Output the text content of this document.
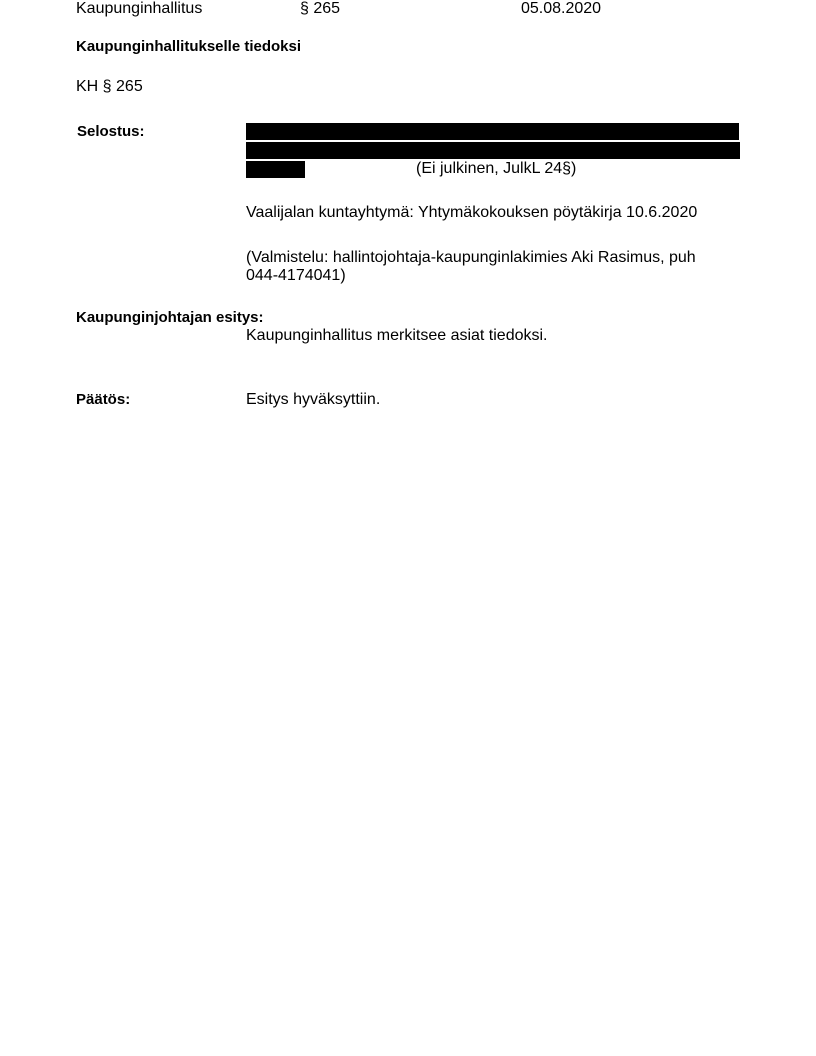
Kaupunginhallitus	§ 265	05.08.2020
Kaupunginhallitukselle tiedoksi
KH § 265
Selostus:
(Ei julkinen, JulkL 24§)
Vaalijalan kuntayhtymä: Yhtymäkokouksen pöytäkirja 10.6.2020
(Valmistelu: hallintojohtaja-kaupunginlakimies Aki Rasimus, puh
044-4174041)
Kaupunginjohtajan esitys:
Kaupunginhallitus merkitsee asiat tiedoksi.
Päätös:	Esitys hyväksyttiin.
